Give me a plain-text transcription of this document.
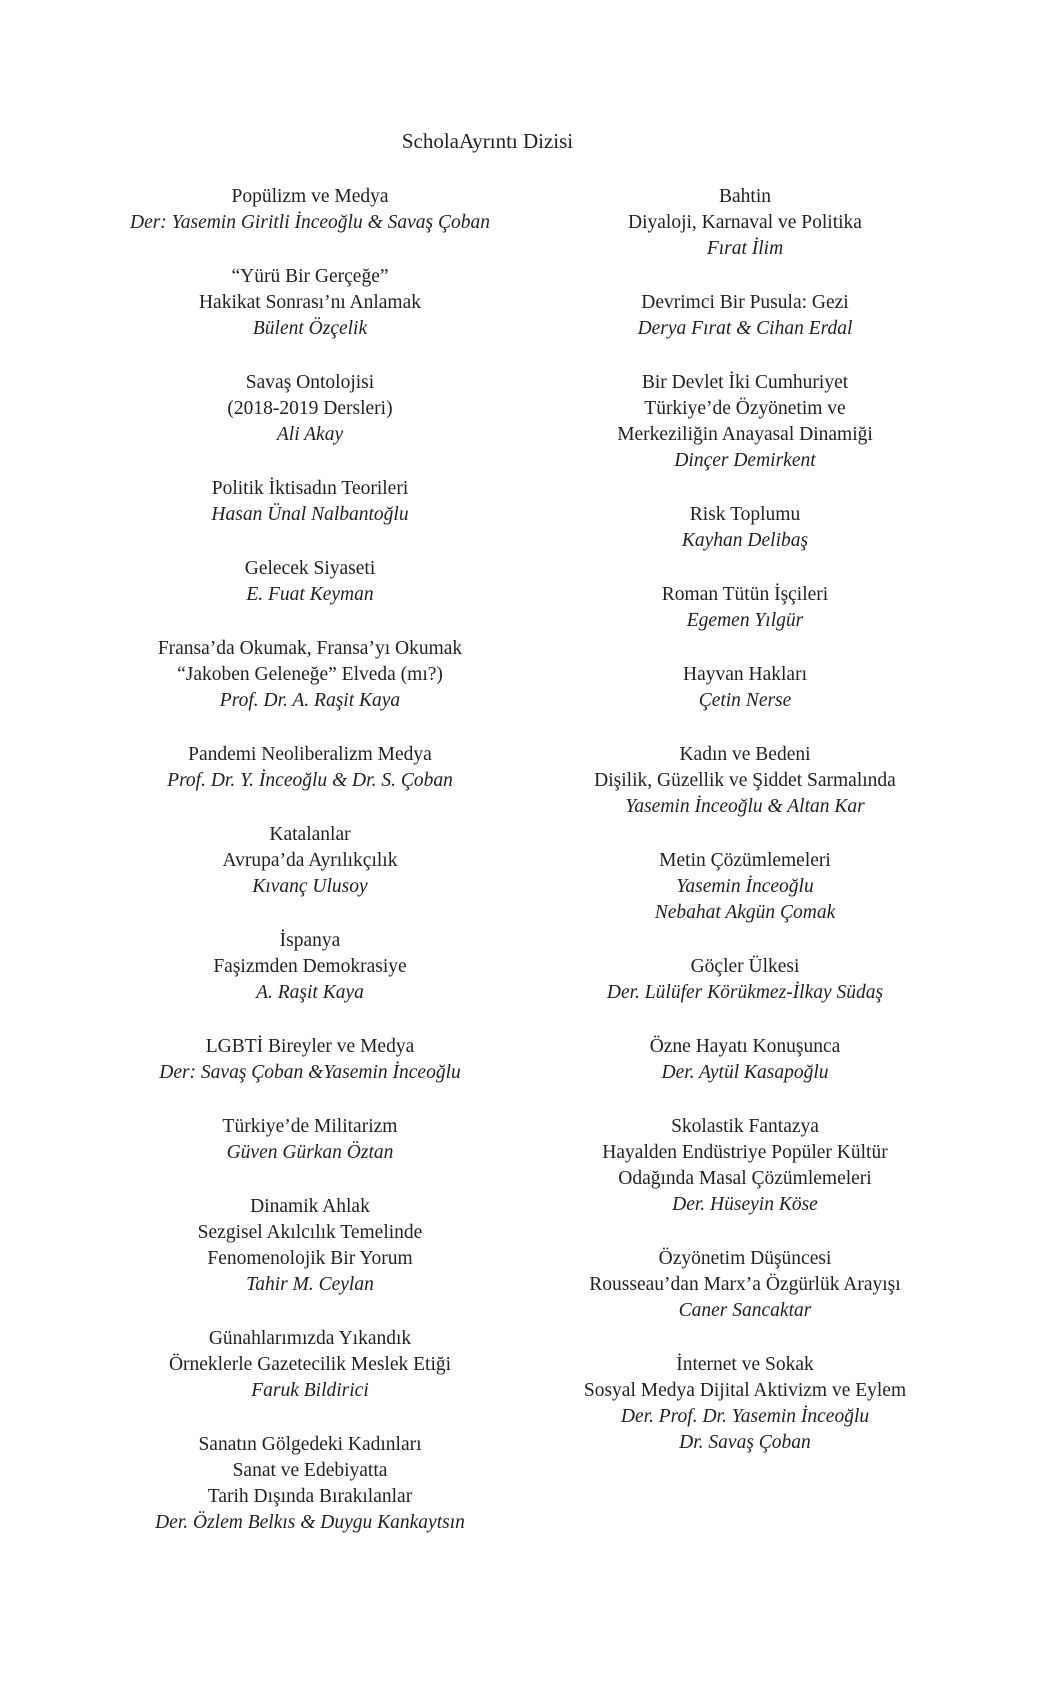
ScholaAyrıntı Dizisi
Popülizm ve Medya
Der: Yasemin Giritli İnceoğlu & Savaş Çoban
“Yürü Bir Gerçeğe”
Hakikat Sonrası’nı Anlamak
Bülent Özçelik
Savaş Ontolojisi
(2018-2019 Dersleri)
Ali Akay
Politik İktisadın Teorileri
Hasan Ünal Nalbantoğlu
Gelecek Siyaseti
E. Fuat Keyman
Fransa’da Okumak, Fransa’yı Okumak
“Jakoben Geleneğe” Elveda (mı?)
Prof. Dr. A. Raşit Kaya
Pandemi Neoliberalizm Medya
Prof. Dr. Y. İnceoğlu & Dr. S. Çoban
Katalanlar
Avrupa’da Ayrılıkçılık
Kıvanç Ulusoy
İspanya
Faşizmden Demokrasiye
A. Raşit Kaya
LGBTİ Bireyler ve Medya
Der: Savaş Çoban &Yasemin İnceoğlu
Türkiye’de Militarizm
Güven Gürkan Öztan
Dinamik Ahlak
Sezgisel Akılcılık Temelinde
Fenomenolojik Bir Yorum
Tahir M. Ceylan
Günahlarımızda Yıkandık
Örneklerle Gazetecilik Meslek Etiği
Faruk Bildirici
Sanatın Gölgedeki Kadınları
Sanat ve Edebiyatta
Tarih Dışında Bırakılanlar
Der. Özlem Belkıs & Duygu Kankaytsın
Bahtin
Diyaloji, Karnaval ve Politika
Fırat İlim
Devrimci Bir Pusula: Gezi
Derya Fırat & Cihan Erdal
Bir Devlet İki Cumhuriyet
Türkiye’de Özyönetim ve
Merkeziliğin Anayasal Dinamiği
Dinçer Demirkent
Risk Toplumu
Kayhan Delibaş
Roman Tütün İşçileri
Egemen Yılgür
Hayvan Hakları
Çetin Nerse
Kadın ve Bedeni
Dişilik, Güzellik ve Şiddet Sarmalında
Yasemin İnceoğlu & Altan Kar
Metin Çözümlemeleri
Yasemin İnceoğlu
Nebahat Akgün Çomak
Göçler Ülkesi
Der. Lülüfer Körükmez-İlkay Südaş
Özne Hayatı Konuşunca
Der. Aytül Kasapoğlu
Skolastik Fantazya
Hayalden Endüstriye Popüler Kültür
Odağında Masal Çözümlemeleri
Der. Hüseyin Köse
Özyönetim Düşüncesi
Rousseau’dan Marx’a Özgürlük Arayışı
Caner Sancaktar
İnternet ve Sokak
Sosyal Medya Dijital Aktivizm ve Eylem
Der. Prof. Dr. Yasemin İnceoğlu
Dr. Savaş Çoban
